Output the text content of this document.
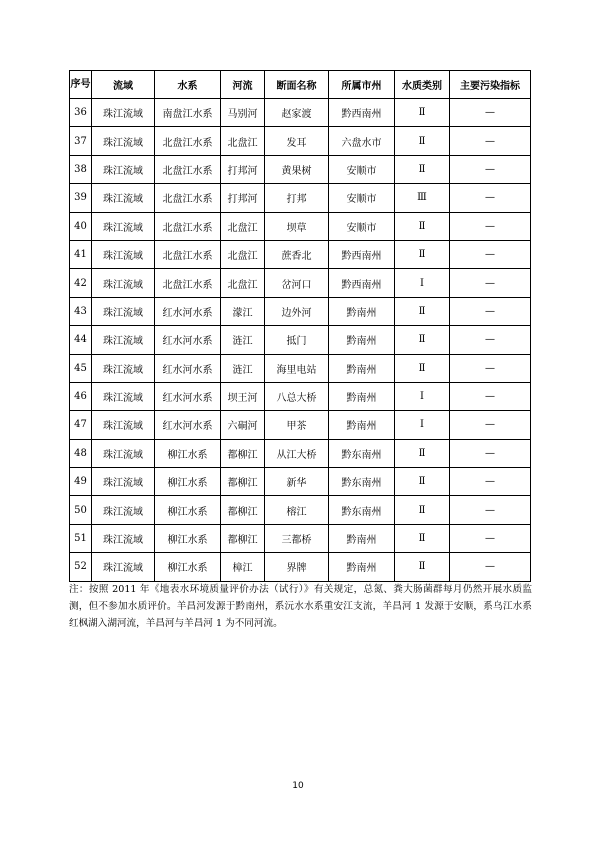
序号	流域	水系	河流	断面名称	所属市州	水质类别	主要污染指标
36	珠江流域	南盘江水系	马别河	赵家渡	黔西南州	Ⅱ	—
37	珠江流域	北盘江水系	北盘江	发耳	六盘水市	Ⅱ	—
38	珠江流域	北盘江水系	打邦河	黄果树	安顺市	Ⅱ	—
39	珠江流域	北盘江水系	打邦河	打邦	安顺市	Ⅲ	—
40	珠江流域	北盘江水系	北盘江	坝草	安顺市	Ⅱ	—
41	珠江流域	北盘江水系	北盘江	蔗香北	黔西南州	Ⅱ	—
42	珠江流域	北盘江水系	北盘江	岔河口	黔西南州	Ⅰ	—
43	珠江流域	红水河水系	濛江	边外河	黔南州	Ⅱ	—
44	珠江流域	红水河水系	涟江	抵门	黔南州	Ⅱ	—
45	珠江流域	红水河水系	涟江	海里电站	黔南州	Ⅱ	—
46	珠江流域	红水河水系	坝王河	八总大桥	黔南州	Ⅰ	—
47	珠江流域	红水河水系	六硐河	甲茶	黔南州	Ⅰ	—
48	珠江流域	柳江水系	都柳江	从江大桥	黔东南州	Ⅱ	—
49	珠江流域	柳江水系	都柳江	新华	黔东南州	Ⅱ	—
50	珠江流域	柳江水系	都柳江	榕江	黔东南州	Ⅱ	—
51	珠江流域	柳江水系	都柳江	三都桥	黔南州	Ⅱ	—
52	珠江流域	柳江水系	樟江	界牌	黔南州	Ⅱ	—
注：按照 2011 年《地表水环境质量评价办法（试行）》有关规定，总氮、粪大肠菌群每月仍然开展水质监测，但不参加水质评价。羊昌河发源于黔南州，系沅水水系重安江支流，羊昌河 1 发源于安顺，系乌江水系红枫湖入湖河流，羊昌河与羊昌河 1 为不同河流。
10
